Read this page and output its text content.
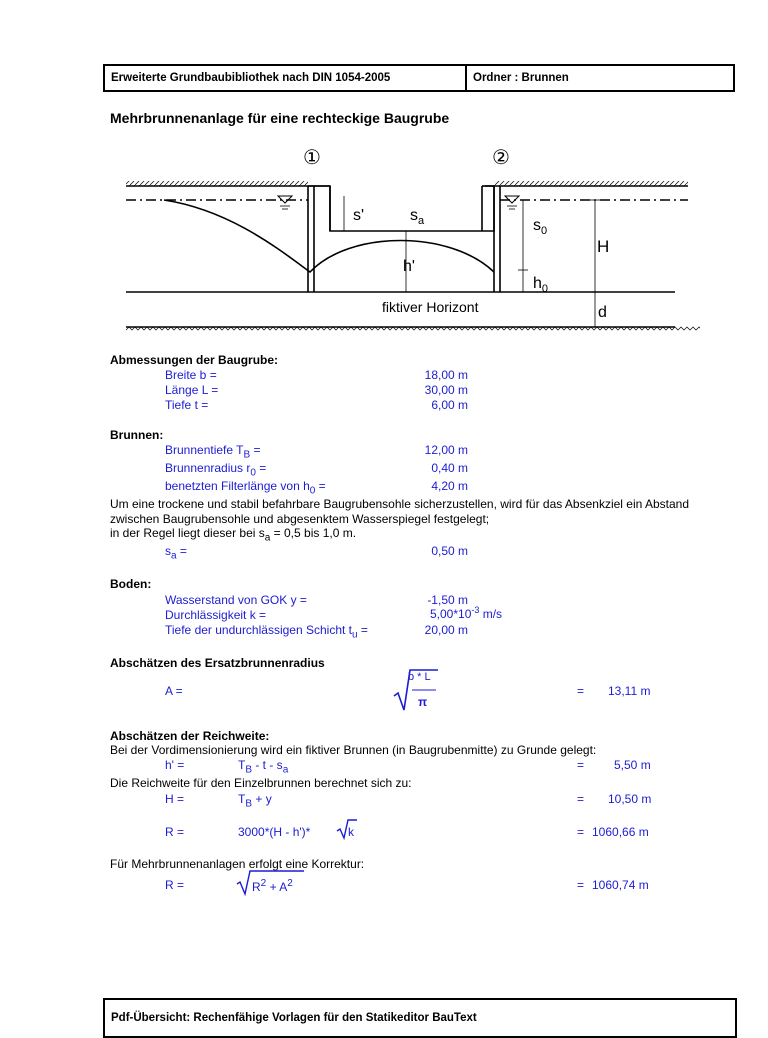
Erweiterte Grundbaubibliothek nach DIN 1054-2005	Ordner : Brunnen
Mehrbrunnenanlage für eine rechteckige Baugrube
①	②
s'	$s_a$
h'
$s_0$
$h_0$
H
fiktiver Horizont	d
Abmessungen der Baugrube:
Breite b =	18,00 m
Länge L =	30,00 m
Tiefe t =	6,00 m
Brunnen:
Brunnentiefe $T_B$ =	12,00 m
Brunnenradius $r_0$ =	0,40 m
benetzten Filterlänge von $h_0$ =	4,20 m
Um eine trockene und stabil befahrbare Baugrubensohle sicherzustellen, wird für das Absenkziel ein Abstand
zwischen Baugrubensohle und abgesenktem Wasserspiegel festgelegt;
in der Regel liegt dieser bei $s_a = 0,5$ bis 1,0 m.
$s_a$ =	0,50 m
Boden:
Wasserstand von GOK y =	-1,50 m
Durchlässigkeit k =	$5,00*10^{-3}$ m/s
Tiefe der undurchlässigen Schicht $t_u$ =	20,00 m
Abschätzen des Ersatzbrunnenradius
A =
b * L
π
= 13,11 m
Abschätzen der Reichweite:
Bei der Vordimensionierung wird ein fiktiver Brunnen (in Baugrubenmitte) zu Grunde gelegt:
h' =	$T_B$ - t - $s_a$	= 5,50 m
Die Reichweite für den Einzelbrunnen berechnet sich zu:
H =	$T_B + y$	= 10,50 m
R =	3000*(H - h')*	k	= 1060,66 m
Für Mehrbrunnenanlagen erfolgt eine Korrektur:
R =	$R^2 + A^2$	= 1060,74 m
Pdf-Übersicht: Rechenfähige Vorlagen für den Statikeditor BauText
